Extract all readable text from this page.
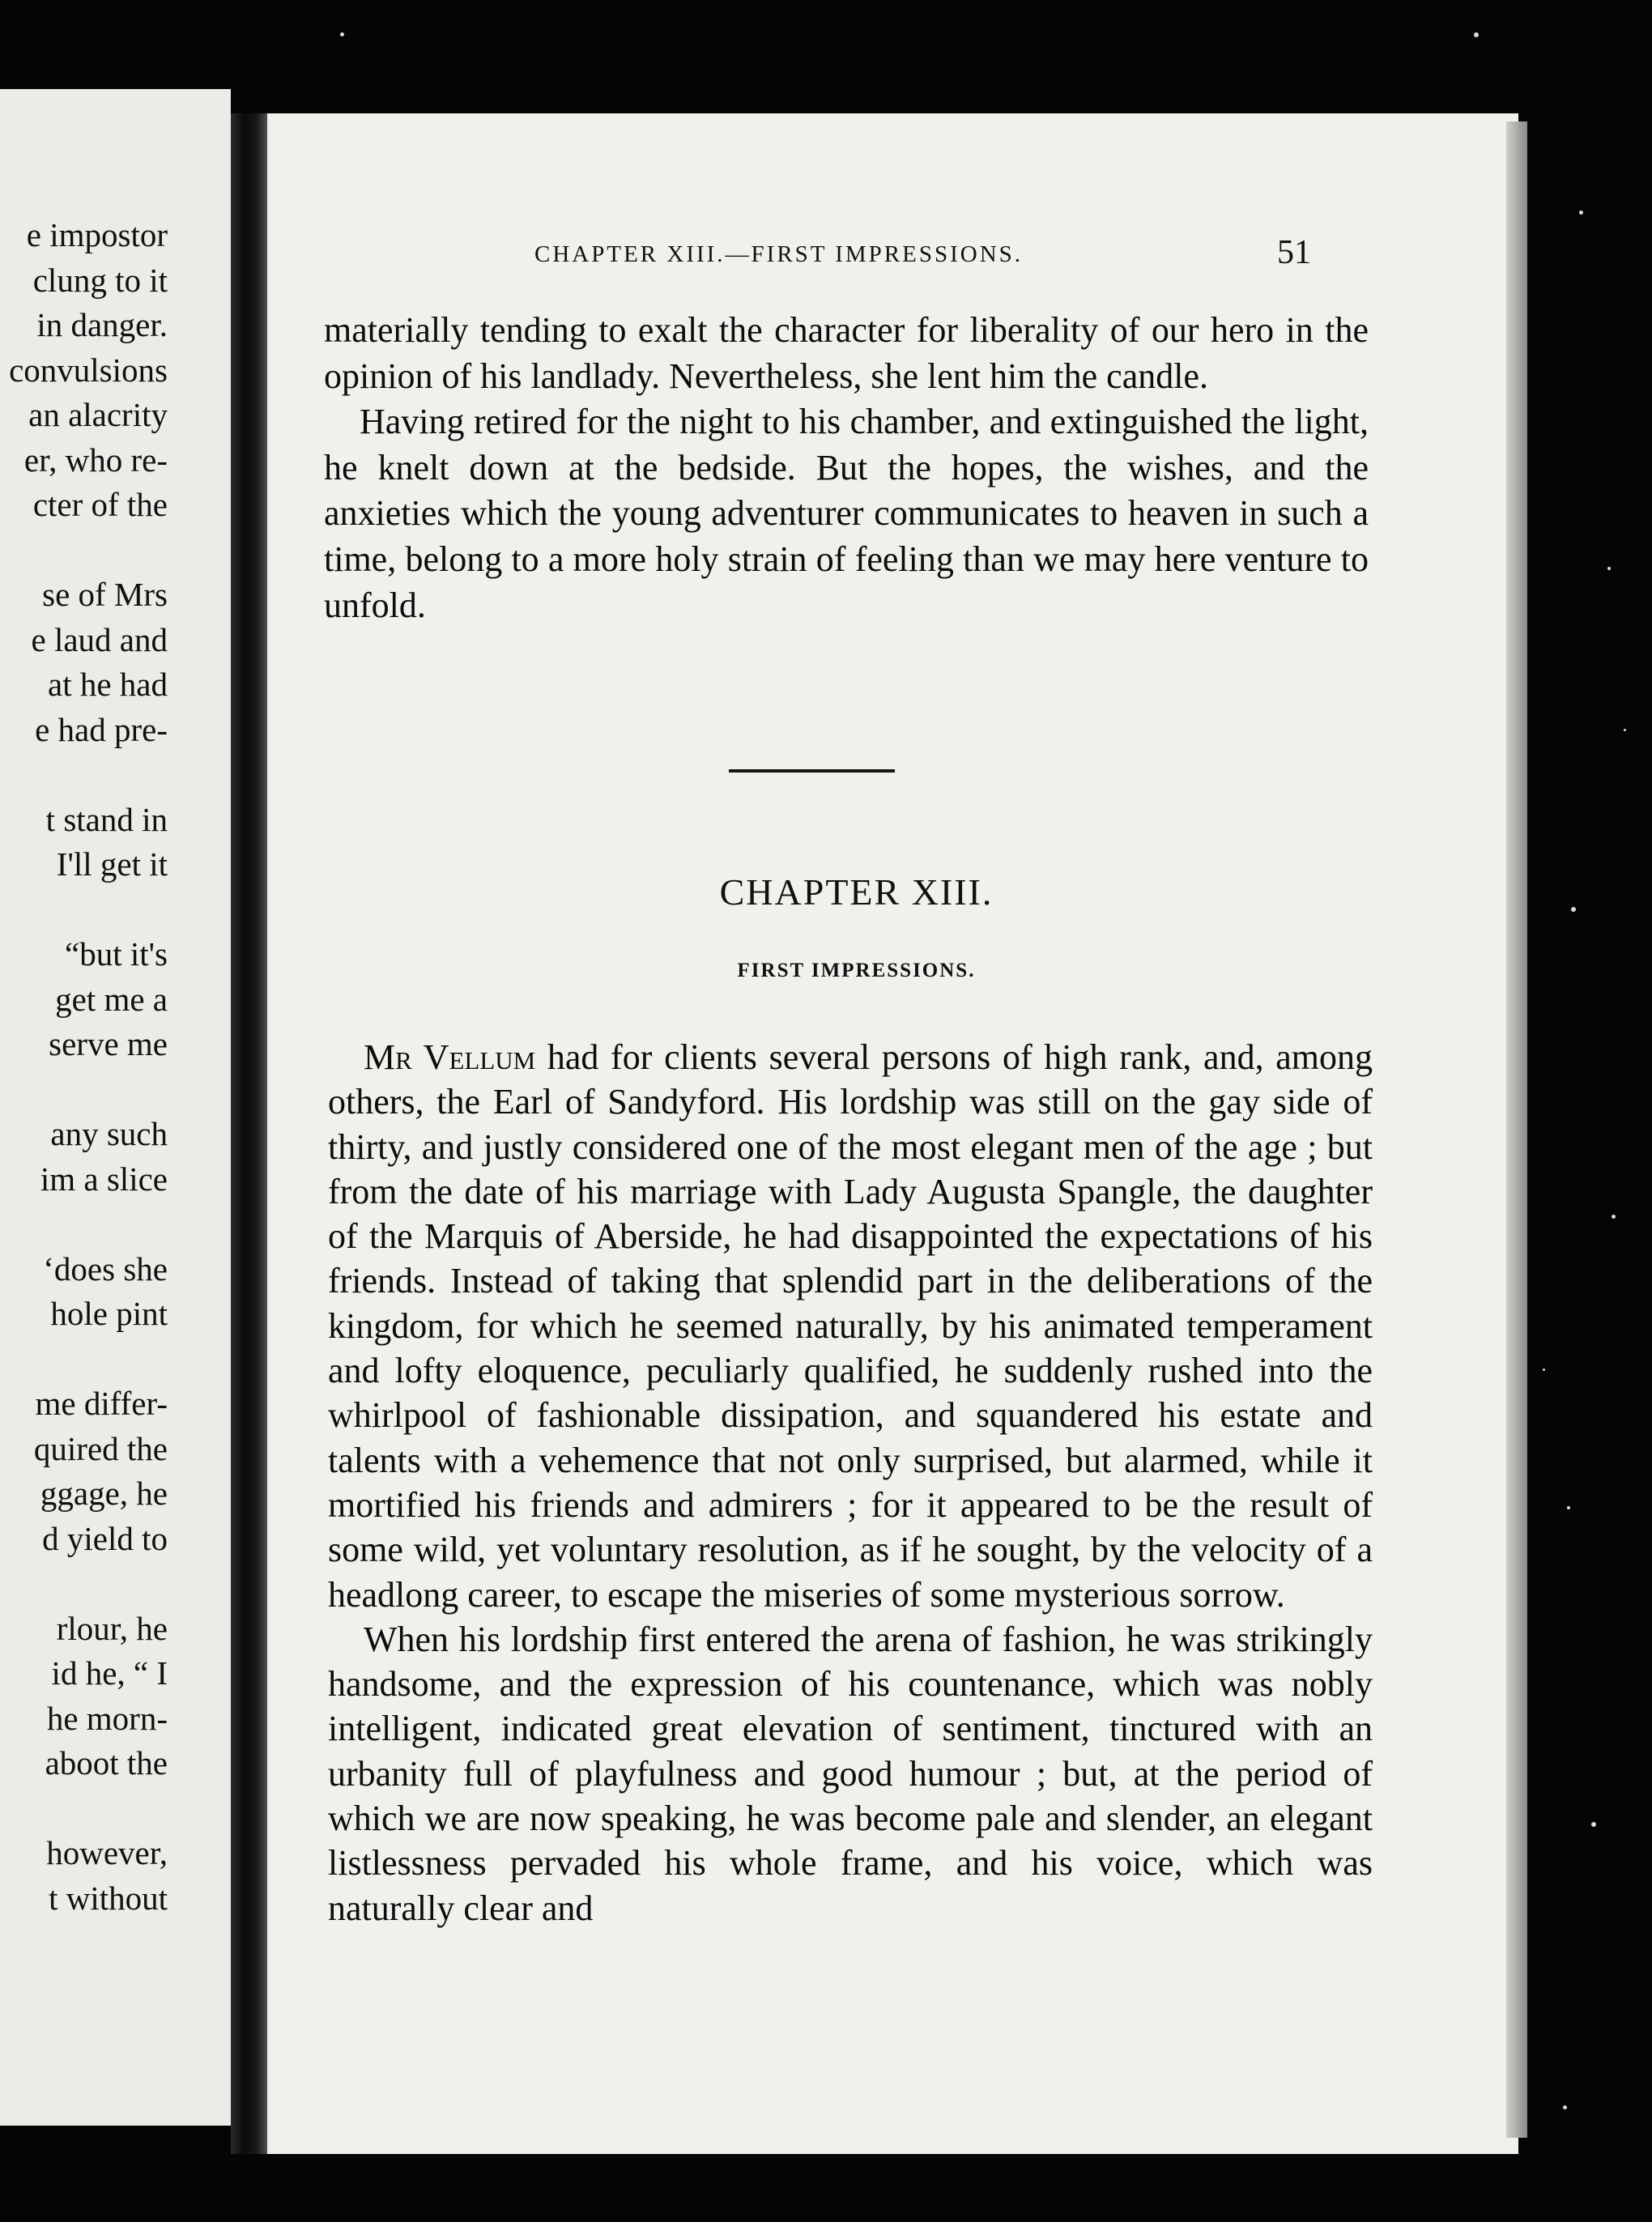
e impostor
clung to it
in danger.
convulsions
an alacrity
er, who re-
cter of the
se of Mrs
e laud and
at he had
e had pre-
t stand in
I'll get it
“but it's
get me a
serve me
any such
im a slice
‘does she
hole pint
me differ-
quired the
ggage, he
d yield to
rlour, he
id he, “ I
he morn-
aboot the
however,
t without
CHAPTER XIII.—FIRST IMPRESSIONS.	51

materially tending to exalt the character for liberality of our hero in the opinion of his landlady. Nevertheless, she lent him the candle.

Having retired for the night to his chamber, and extinguished the light, he knelt down at the bedside. But the hopes, the wishes, and the anxieties which the young adventurer communicates to heaven in such a time, belong to a more holy strain of feeling than we may here venture to unfold.

CHAPTER XIII.
FIRST IMPRESSIONS.

Mr Vellum had for clients several persons of high rank, and, among others, the Earl of Sandyford. His lordship was still on the gay side of thirty, and justly considered one of the most elegant men of the age ; but from the date of his marriage with Lady Augusta Spangle, the daughter of the Marquis of Aberside, he had disappointed the expectations of his friends. Instead of taking that splendid part in the deliberations of the kingdom, for which he seemed naturally, by his animated temperament and lofty eloquence, peculiarly qualified, he suddenly rushed into the whirlpool of fashionable dissipation, and squandered his estate and talents with a vehemence that not only surprised, but alarmed, while it mortified his friends and admirers ; for it appeared to be the result of some wild, yet voluntary resolution, as if he sought, by the velocity of a headlong career, to escape the miseries of some mysterious sorrow.

When his lordship first entered the arena of fashion, he was strikingly handsome, and the expression of his countenance, which was nobly intelligent, indicated great elevation of sentiment, tinctured with an urbanity full of playfulness and good humour ; but, at the period of which we are now speaking, he was become pale and slender, an elegant listlessness pervaded his whole frame, and his voice, which was naturally clear and
